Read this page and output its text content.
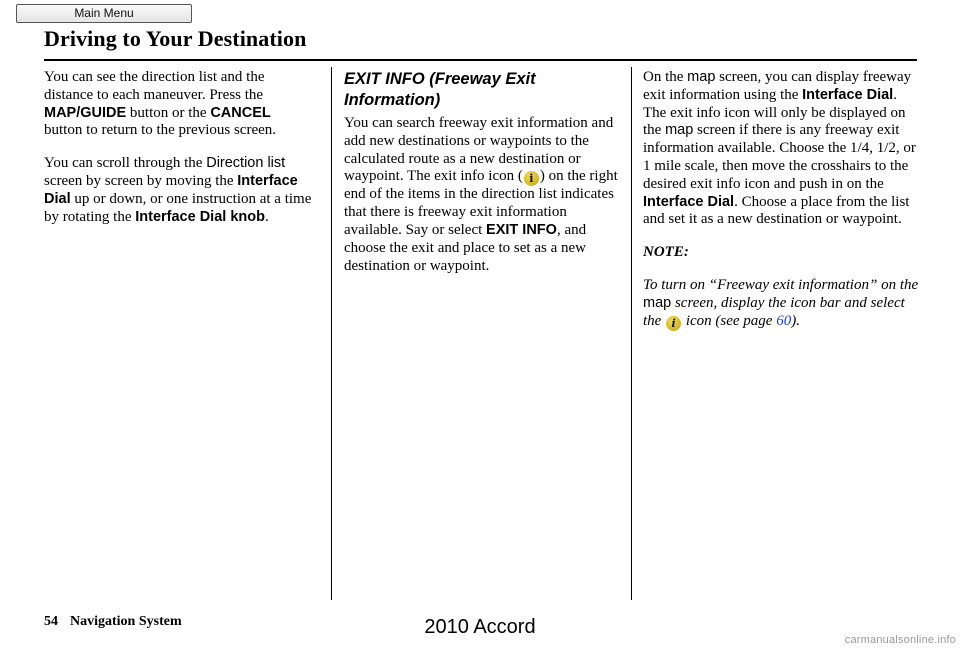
Main Menu
Driving to Your Destination

You can see the direction list and the distance to each maneuver. Press the MAP/GUIDE button or the CANCEL button to return to the previous screen.

You can scroll through the Direction list screen by screen by moving the Interface Dial up or down, or one instruction at a time by rotating the Interface Dial knob.

EXIT INFO (Freeway Exit Information)

You can search freeway exit information and add new destinations or waypoints to the calculated route as a new destination or waypoint. The exit info icon ( i ) on the right end of the items in the direction list indicates that there is freeway exit information available. Say or select EXIT INFO, and choose the exit and place to set as a new destination or waypoint.

On the map screen, you can display freeway exit information using the Interface Dial. The exit info icon will only be displayed on the map screen if there is any freeway exit information available. Choose the 1/4, 1/2, or 1 mile scale, then move the crosshairs to the desired exit info icon and push in on the Interface Dial. Choose a place from the list and set it as a new destination or waypoint.

NOTE:

To turn on “Freeway exit information” on the map screen, display the icon bar and select the i icon (see page 60).

54 Navigation System	2010 Accord
carmanualsonline.info
